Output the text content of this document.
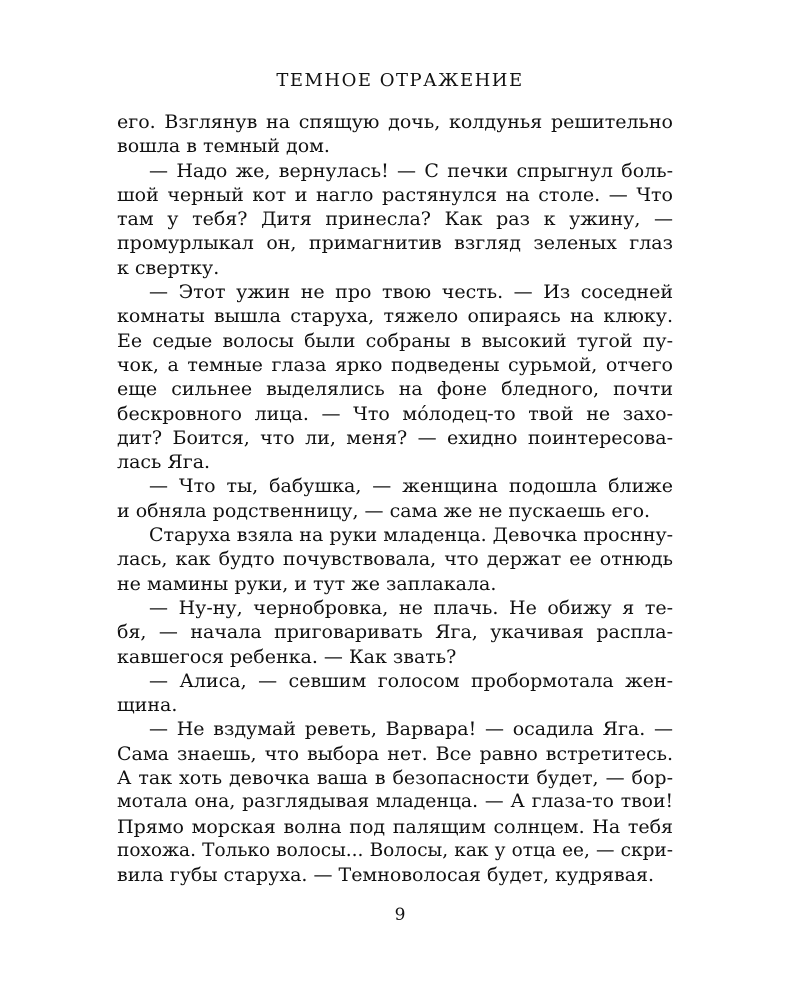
ТЕМНОЕ ОТРАЖЕНИЕ
его. Взглянув на спящую дочь, колдунья решительно
вошла в темный дом.
— Надо же, вернулась! — С печки спрыгнул боль-
шой черный кот и нагло растянулся на столе. — Что
там у тебя? Дитя принесла? Как раз к ужину, —
промурлыкал он, примагнитив взгляд зеленых глаз
к свертку.
— Этот ужин не про твою честь. — Из соседней
комнаты вышла старуха, тяжело опираясь на клюку.
Ее седые волосы были собраны в высокий тугой пу-
чок, а темные глаза ярко подведены сурьмой, отчего
еще сильнее выделялись на фоне бледного, почти
бескровного лица. — Что мо́лодец-то твой не захо-
дит? Боится, что ли, меня? — ехидно поинтересова-
лась Яга.
— Что ты, бабушка, — женщина подошла ближе
и обняла родственницу, — сама же не пускаешь его.
Старуха взяла на руки младенца. Девочка проснну-
лась, как будто почувствовала, что держат ее отнюдь
не мамины руки, и тут же заплакала.
— Ну-ну, чернобровка, не плачь. Не обижу я те-
бя, — начала приговаривать Яга, укачивая распла-
кавшегося ребенка. — Как звать?
— Алиса, — севшим голосом пробормотала жен-
щина.
— Не вздумай реветь, Варвара! — осадила Яга. —
Сама знаешь, что выбора нет. Все равно встретитесь.
А так хоть девочка ваша в безопасности будет, — бор-
мотала она, разглядывая младенца. — А глаза-то твои!
Прямо морская волна под палящим солнцем. На тебя
похожа. Только волосы... Волосы, как у отца ее, — скри-
вила губы старуха. — Темноволосая будет, кудрявая.
9
